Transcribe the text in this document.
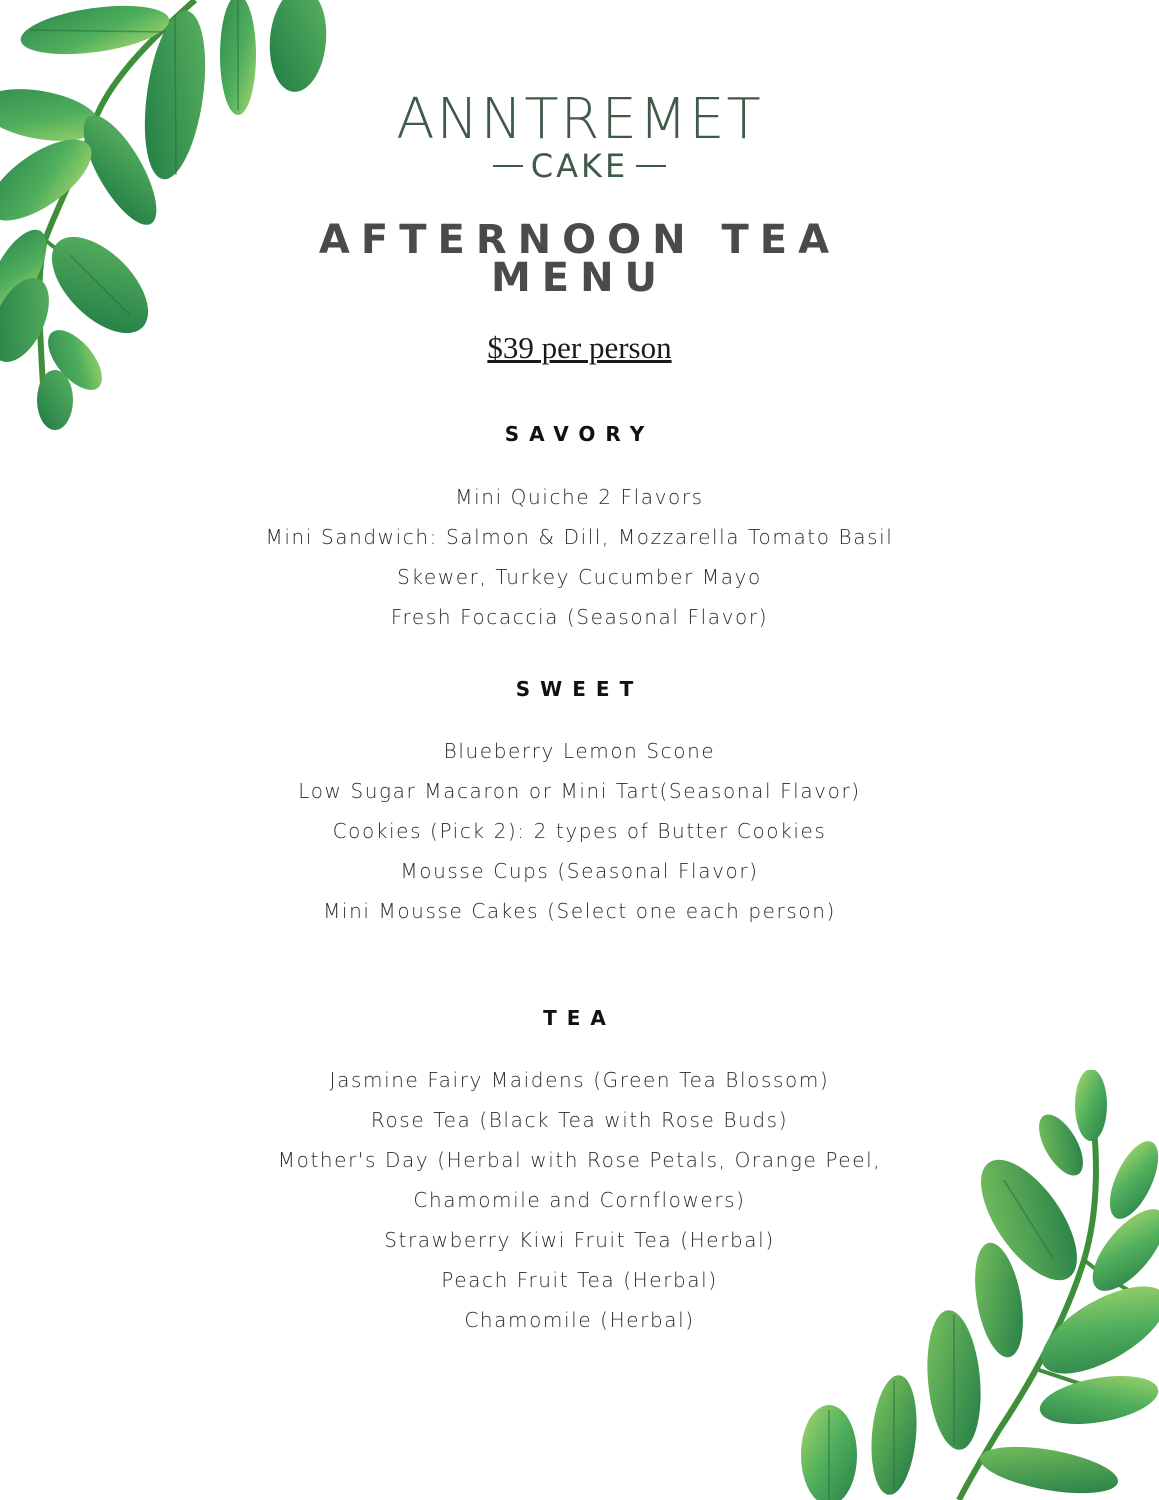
ANNTREMET
CAKE
AFTERNOON TEA
MENU
$39 per person
SAVORY
Mini Quiche 2 Flavors
Mini Sandwich: Salmon & Dill, Mozzarella Tomato Basil
Skewer, Turkey Cucumber Mayo
Fresh Focaccia (Seasonal Flavor)
SWEET
Blueberry Lemon Scone
Low Sugar Macaron or Mini Tart(Seasonal Flavor)
Cookies (Pick 2): 2 types of Butter Cookies
Mousse Cups (Seasonal Flavor)
Mini Mousse Cakes (Select one each person)
TEA
Jasmine Fairy Maidens (Green Tea Blossom)
Rose Tea (Black Tea with Rose Buds)
Mother's Day (Herbal with Rose Petals, Orange Peel,
Chamomile and Cornflowers)
Strawberry Kiwi Fruit Tea (Herbal)
Peach Fruit Tea (Herbal)
Chamomile (Herbal)
